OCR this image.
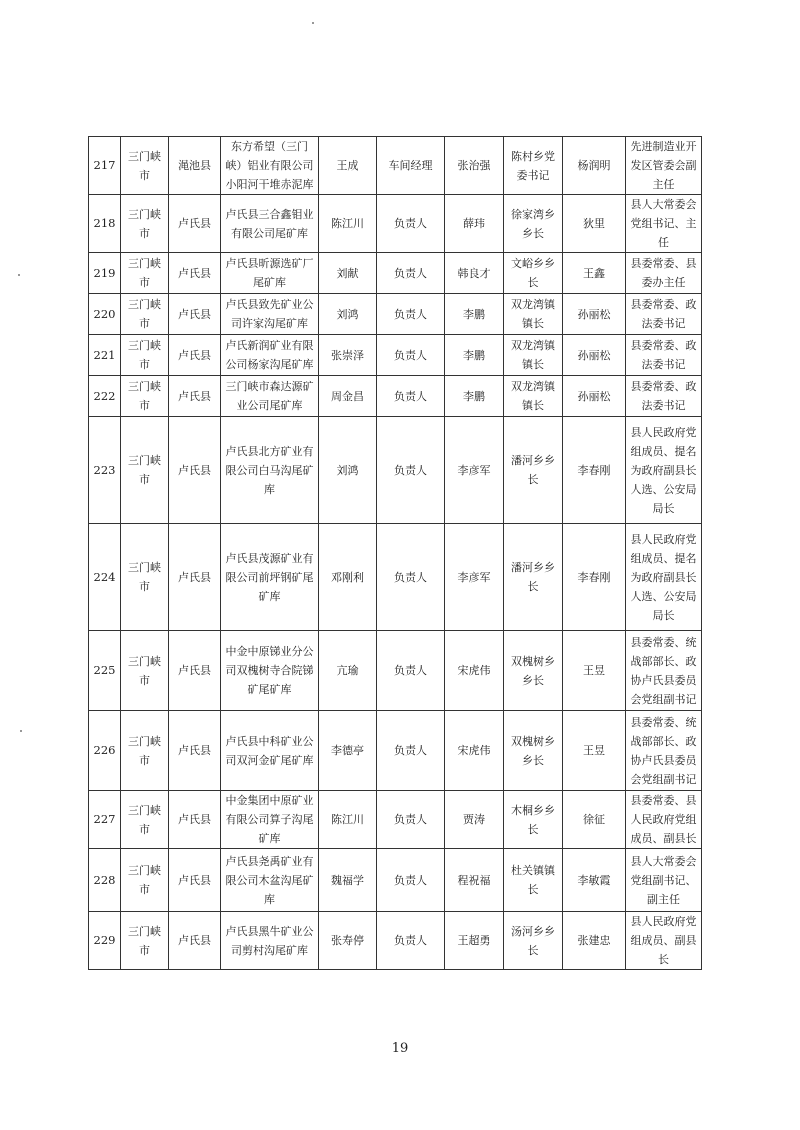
217	三门峡市	渑池县	东方希望（三门峡）铝业有限公司小阳河干堆赤泥库	王成	车间经理	张治强	陈村乡党委书记	杨润明	先进制造业开发区管委会副主任
218	三门峡市	卢氏县	卢氏县三合鑫钼业有限公司尾矿库	陈江川	负责人	薛玮	徐家湾乡乡长	狄里	县人大常委会党组书记、主任
219	三门峡市	卢氏县	卢氏县昕源选矿厂尾矿库	刘献	负责人	韩良才	文峪乡乡长	王鑫	县委常委、县委办主任
220	三门峡市	卢氏县	卢氏县致先矿业公司许家沟尾矿库	刘鸿	负责人	李鹏	双龙湾镇镇长	孙丽松	县委常委、政法委书记
221	三门峡市	卢氏县	卢氏新润矿业有限公司杨家沟尾矿库	张崇泽	负责人	李鹏	双龙湾镇镇长	孙丽松	县委常委、政法委书记
222	三门峡市	卢氏县	三门峡市森达源矿业公司尾矿库	周金昌	负责人	李鹏	双龙湾镇镇长	孙丽松	县委常委、政法委书记
223	三门峡市	卢氏县	卢氏县北方矿业有限公司白马沟尾矿库	刘鸿	负责人	李彦军	潘河乡乡长	李春刚	县人民政府党组成员、提名为政府副县长人选、公安局局长
224	三门峡市	卢氏县	卢氏县茂源矿业有限公司前坪钢矿尾矿库	邓刚利	负责人	李彦军	潘河乡乡长	李春刚	县人民政府党组成员、提名为政府副县长人选、公安局局长
225	三门峡市	卢氏县	中金中原锑业分公司双槐树寺合院锑矿尾矿库	亢瑜	负责人	宋虎伟	双槐树乡乡长	王昱	县委常委、统战部部长、政协卢氏县委员会党组副书记
226	三门峡市	卢氏县	卢氏县中科矿业公司双河金矿尾矿库	李德亭	负责人	宋虎伟	双槐树乡乡长	王昱	县委常委、统战部部长、政协卢氏县委员会党组副书记
227	三门峡市	卢氏县	中金集团中原矿业有限公司算子沟尾矿库	陈江川	负责人	贾涛	木桐乡乡长	徐征	县委常委、县人民政府党组成员、副县长
228	三门峡市	卢氏县	卢氏县尧禹矿业有限公司木盆沟尾矿库	魏福学	负责人	程祝福	杜关镇镇长	李敏霞	县人大常委会党组副书记、副主任
229	三门峡市	卢氏县	卢氏县黑牛矿业公司剪村沟尾矿库	张寿停	负责人	王超勇	汤河乡乡长	张建忠	县人民政府党组成员、副县长
19
